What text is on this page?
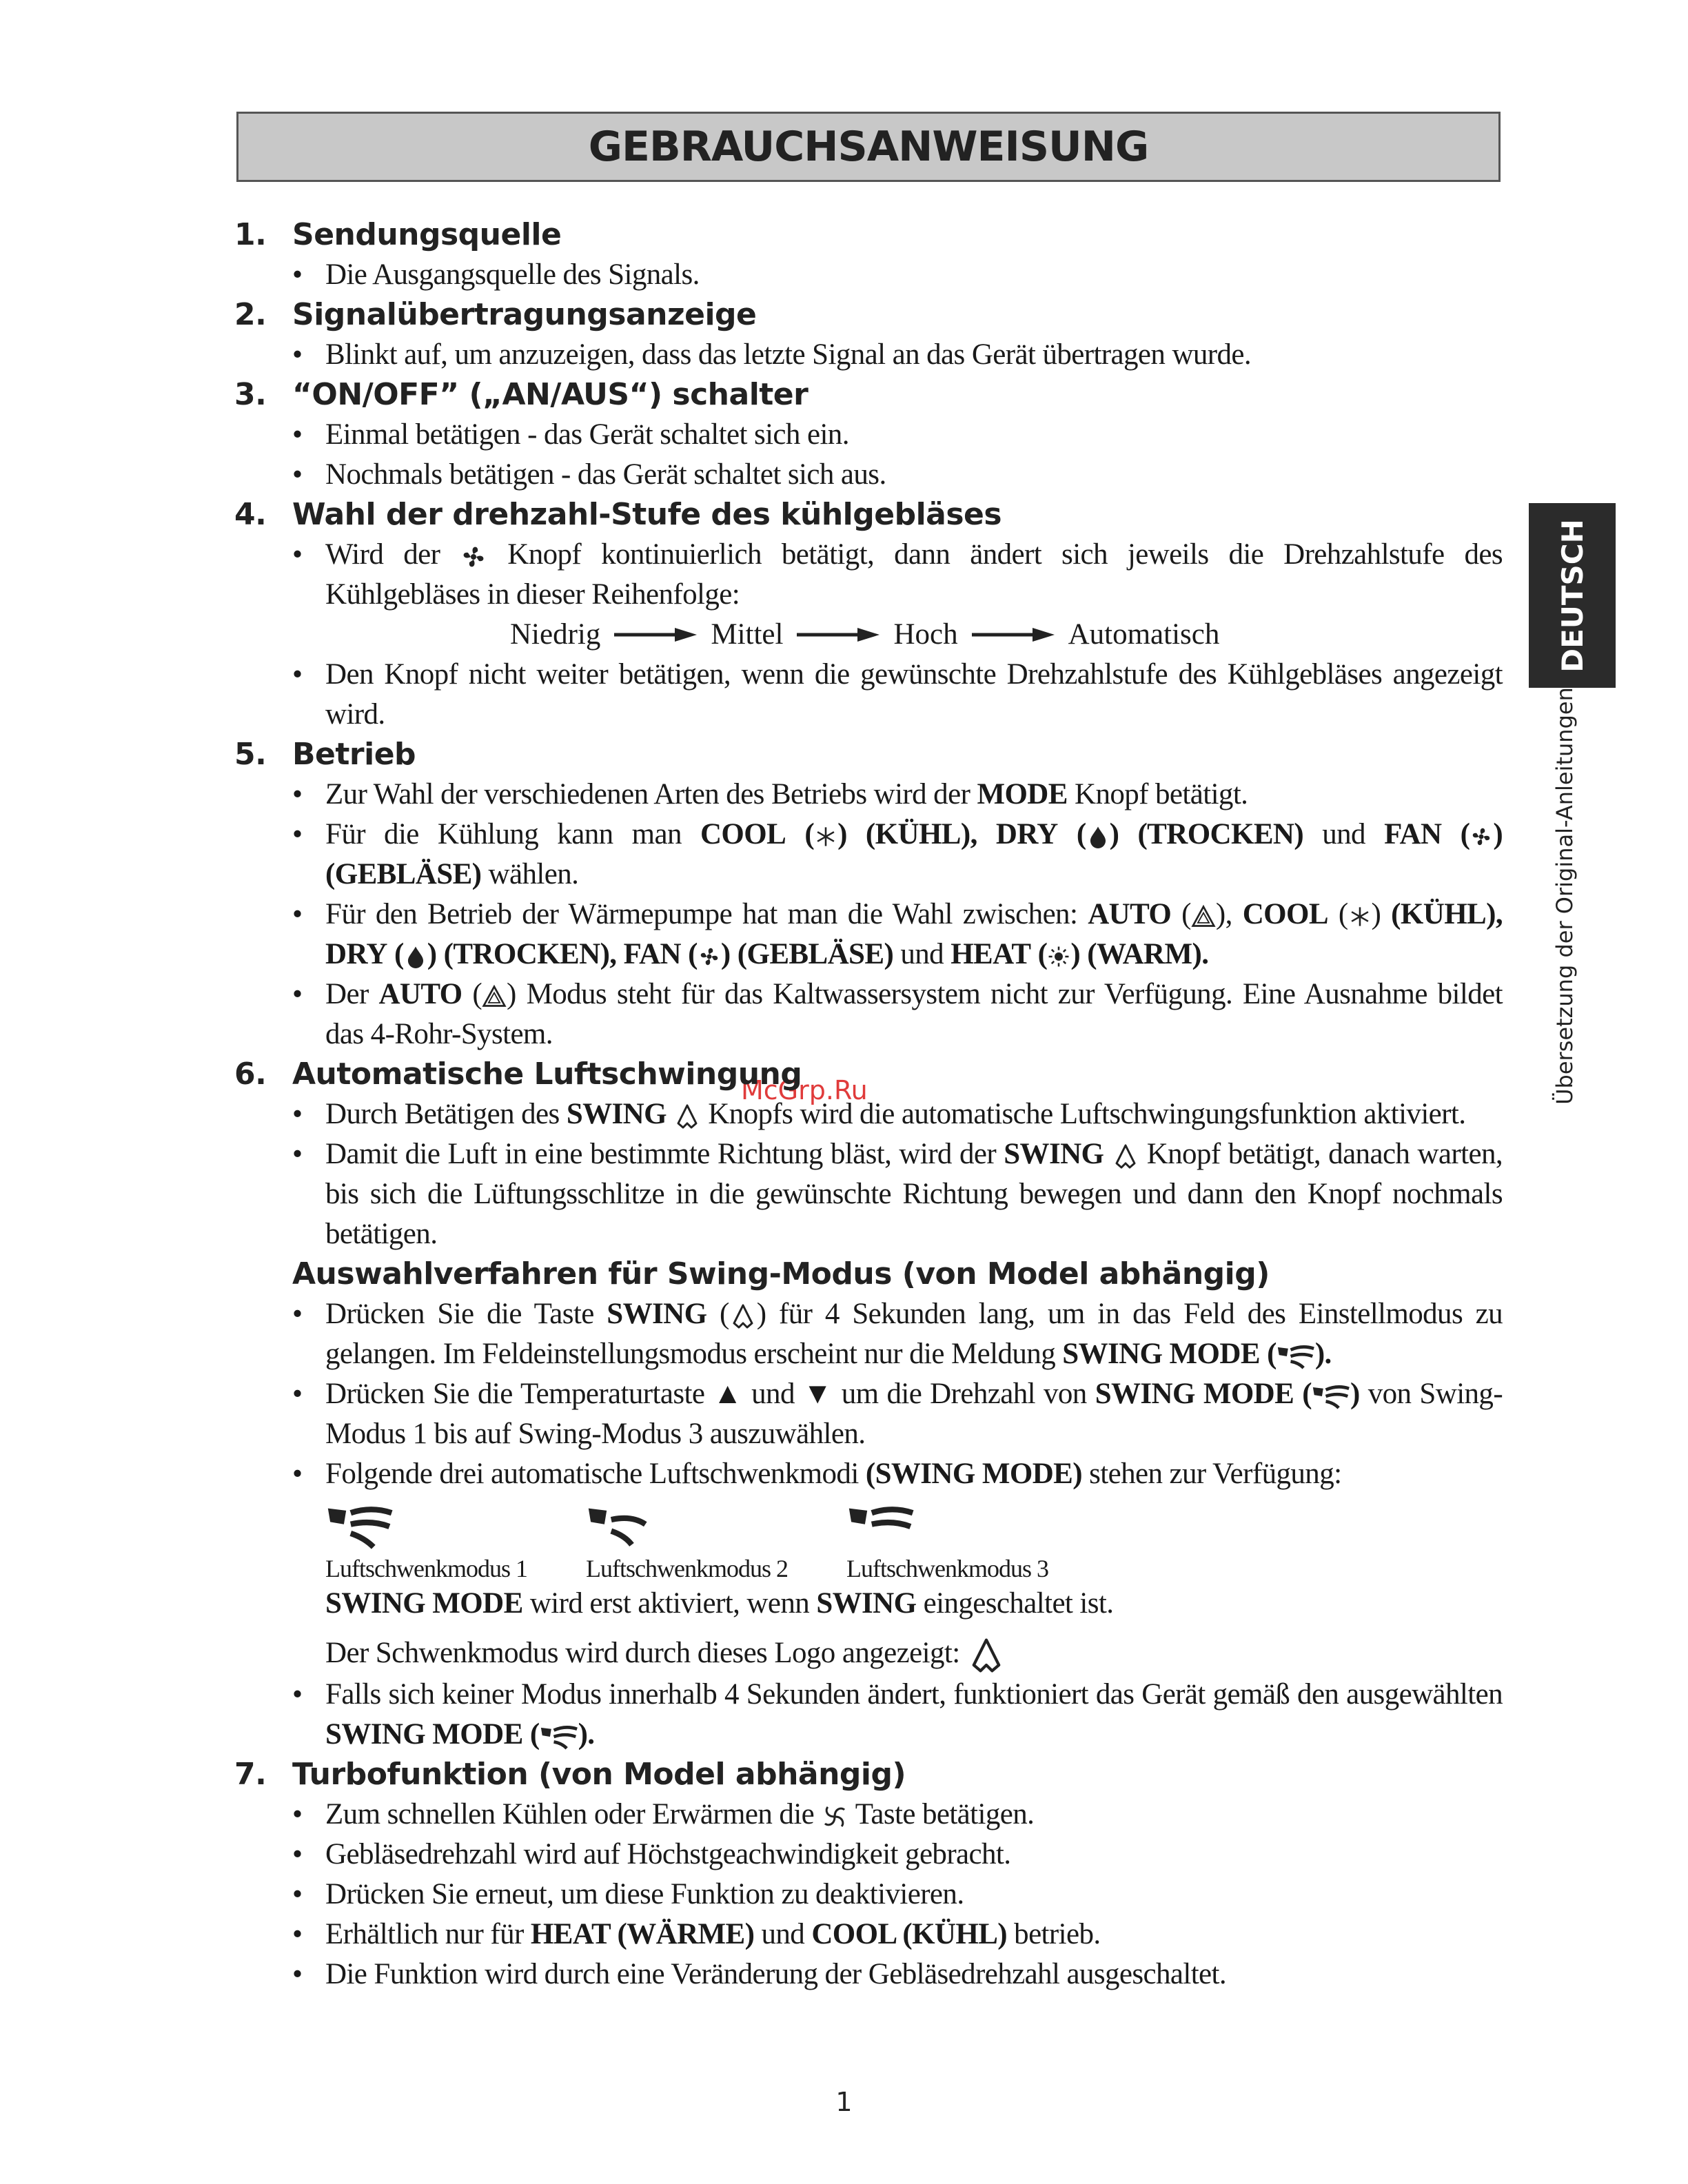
GEBRAUCHSANWEISUNG
DEUTSCH
Übersetzung der Original-Anleitungen
McGrp.Ru
1. Sendungsquelle
• Die Ausgangsquelle des Signals.
2. Signalübertragungsanzeige
• Blinkt auf, um anzuzeigen, dass das letzte Signal an das Gerät übertragen wurde.
3. “ON/OFF” („AN/AUS“) schalter
• Einmal betätigen - das Gerät schaltet sich ein.
• Nochmals betätigen - das Gerät schaltet sich aus.
4. Wahl der drehzahl-Stufe des kühlgebläses
• Wird der Knopf kontinuierlich betätigt, dann ändert sich jeweils die Drehzahlstufe des Kühlgebläses in dieser Reihenfolge:
Niedrig	Mittel	Hoch	Automatisch
• Den Knopf nicht weiter betätigen, wenn die gewünschte Drehzahlstufe des Kühlgebläses angezeigt wird.
5. Betrieb
• Zur Wahl der verschiedenen Arten des Betriebs wird der MODE Knopf betätigt.
• Für die Kühlung kann man COOL ( ) (KÜHL), DRY ( ) (TROCKEN) und FAN ( ) (GEBLÄSE) wählen.
• Für den Betrieb der Wärmepumpe hat man die Wahl zwischen: AUTO ( ), COOL ( ) (KÜHL), DRY ( ) (TROCKEN), FAN ( ) (GEBLÄSE) und HEAT ( ) (WARM).
• Der AUTO ( ) Modus steht für das Kaltwassersystem nicht zur Verfügung. Eine Ausnahme bildet das 4-Rohr-System.
6. Automatische Luftschwingung
• Durch Betätigen des SWING Knopfs wird die automatische Luftschwingungsfunktion aktiviert.
• Damit die Luft in eine bestimmte Richtung bläst, wird der SWING Knopf betätigt, danach warten, bis sich die Lüftungsschlitze in die gewünschte Richtung bewegen und dann den Knopf nochmals betätigen.
Auswahlverfahren für Swing-Modus (von Model abhängig)
• Drücken Sie die Taste SWING ( ) für 4 Sekunden lang, um in das Feld des Einstellmodus zu gelangen. Im Feldeinstellungsmodus erscheint nur die Meldung SWING MODE ( ).
• Drücken Sie die Temperaturtaste ▲ und ▼ um die Drehzahl von SWING MODE ( ) von Swing-Modus 1 bis auf Swing-Modus 3 auszuwählen.
• Folgende drei automatische Luftschwenkmodi (SWING MODE) stehen zur Verfügung:
Luftschwenkmodus 1	Luftschwenkmodus 2	Luftschwenkmodus 3
SWING MODE wird erst aktiviert, wenn SWING eingeschaltet ist.
Der Schwenkmodus wird durch dieses Logo angezeigt:
• Falls sich keiner Modus innerhalb 4 Sekunden ändert, funktioniert das Gerät gemäß den ausgewählten SWING MODE ( ).
7. Turbofunktion (von Model abhängig)
• Zum schnellen Kühlen oder Erwärmen die Taste betätigen.
• Gebläsedrehzahl wird auf Höchstgeachwindigkeit gebracht.
• Drücken Sie erneut, um diese Funktion zu deaktivieren.
• Erhältlich nur für HEAT (WÄRME) und COOL (KÜHL) betrieb.
• Die Funktion wird durch eine Veränderung der Gebläsedrehzahl ausgeschaltet.
1
